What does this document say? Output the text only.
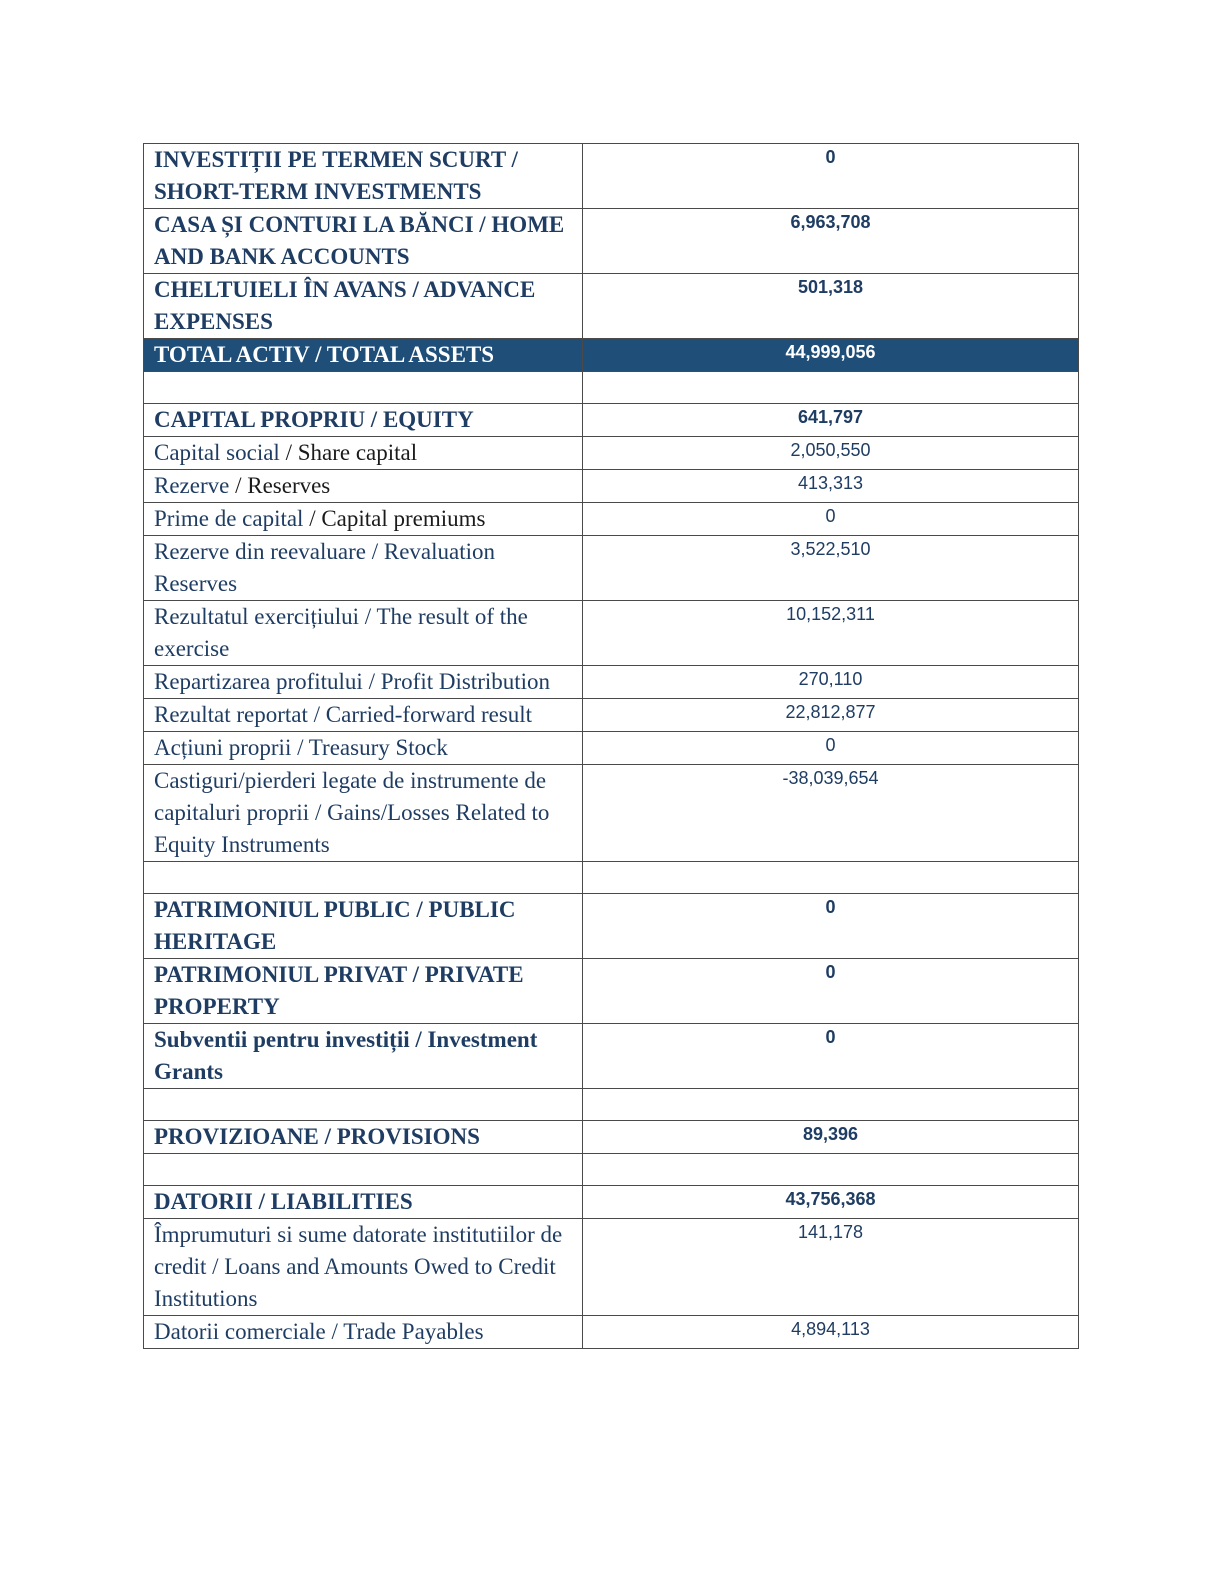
INVESTIȚII PE TERMEN SCURT / SHORT-TERM INVESTMENTS	0
CASA ȘI CONTURI LA BĂNCI / HOME AND BANK ACCOUNTS	6,963,708
CHELTUIELI ÎN AVANS / ADVANCE EXPENSES	501,318
TOTAL ACTIV / TOTAL ASSETS	44,999,056

CAPITAL PROPRIU / EQUITY	641,797
Capital social / Share capital	2,050,550
Rezerve / Reserves	413,313
Prime de capital / Capital premiums	0
Rezerve din reevaluare / Revaluation Reserves	3,522,510
Rezultatul exercițiului / The result of the exercise	10,152,311
Repartizarea profitului / Profit Distribution	270,110
Rezultat reportat / Carried-forward result	22,812,877
Acțiuni proprii / Treasury Stock	0
Castiguri/pierderi legate de instrumente de capitaluri proprii / Gains/Losses Related to Equity Instruments	-38,039,654

PATRIMONIUL PUBLIC / PUBLIC HERITAGE	0
PATRIMONIUL PRIVAT / PRIVATE PROPERTY	0
Subventii pentru investiții / Investment Grants	0

PROVIZIOANE / PROVISIONS	89,396

DATORII / LIABILITIES	43,756,368
Împrumuturi si sume datorate institutiilor de credit / Loans and Amounts Owed to Credit Institutions	141,178
Datorii comerciale / Trade Payables	4,894,113
